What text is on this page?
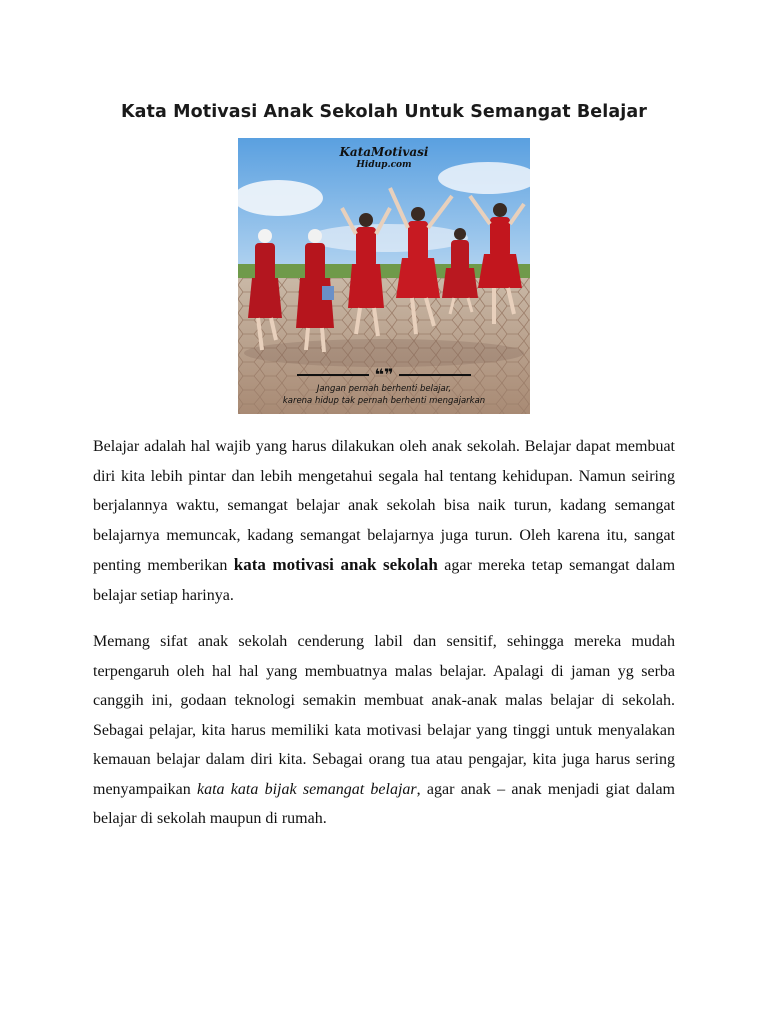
Kata Motivasi Anak Sekolah Untuk Semangat Belajar
KataMotivasi
Hidup.com
❝❞
Jangan pernah berhenti belajar,
karena hidup tak pernah berhenti mengajarkan

Belajar adalah hal wajib yang harus dilakukan oleh anak sekolah. Belajar dapat membuat diri kita lebih pintar dan lebih mengetahui segala hal tentang kehidupan. Namun seiring berjalannya waktu, semangat belajar anak sekolah bisa naik turun, kadang semangat belajarnya memuncak, kadang semangat belajarnya juga turun. Oleh karena itu, sangat penting memberikan kata motivasi anak sekolah agar mereka tetap semangat dalam belajar setiap harinya.

Memang sifat anak sekolah cenderung labil dan sensitif, sehingga mereka mudah terpengaruh oleh hal hal yang membuatnya malas belajar. Apalagi di jaman yg serba canggih ini, godaan teknologi semakin membuat anak-anak malas belajar di sekolah. Sebagai pelajar, kita harus memiliki kata motivasi belajar yang tinggi untuk menyalakan kemauan belajar dalam diri kita. Sebagai orang tua atau pengajar, kita juga harus sering menyampaikan kata kata bijak semangat belajar, agar anak – anak menjadi giat dalam belajar di sekolah maupun di rumah.
